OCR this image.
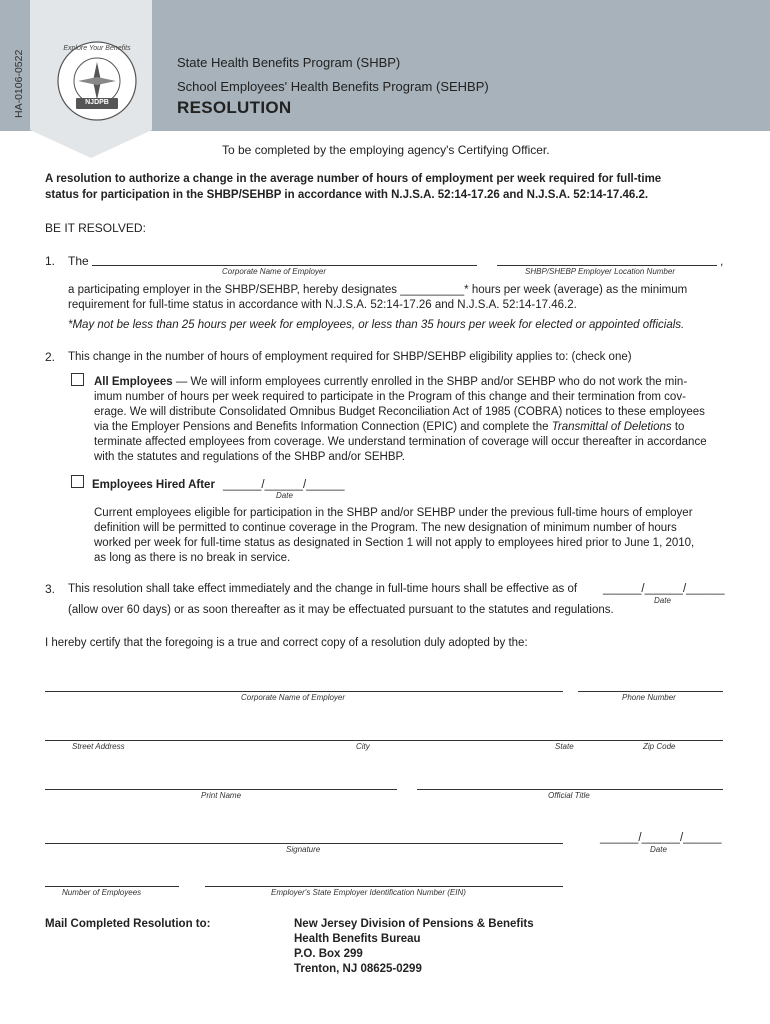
HA-0106-0522
Explore Your Benefits
NJDPB
State Health Benefits Program (SHBP)
School Employees' Health Benefits Program (SEHBP)
RESOLUTION
To be completed by the employing agency's Certifying Officer.
A resolution to authorize a change in the average number of hours of employment per week required for full-time
status for participation in the SHBP/SEHBP in accordance with N.J.S.A. 52:14-17.26 and N.J.S.A. 52:14-17.46.2.
BE IT RESOLVED:
1. The	,
Corporate Name of Employer	SHBP/SHEBP Employer Location Number
a participating employer in the SHBP/SEHBP, hereby designates __________* hours per week (average) as the minimum
requirement for full-time status in accordance with N.J.S.A. 52:14-17.26 and N.J.S.A. 52:14-17.46.2.
*May not be less than 25 hours per week for employees, or less than 35 hours per week for elected or appointed officials.
2. This change in the number of hours of employment required for SHBP/SEHBP eligibility applies to: (check one)
All Employees — We will inform employees currently enrolled in the SHBP and/or SEHBP who do not work the min-
imum number of hours per week required to participate in the Program of this change and their termination from cov-
erage. We will distribute Consolidated Omnibus Budget Reconciliation Act of 1985 (COBRA) notices to these employees
via the Employer Pensions and Benefits Information Connection (EPIC) and complete the Transmittal of Deletions to
terminate affected employees from coverage. We understand termination of coverage will occur thereafter in accordance
with the statutes and regulations of the SHBP and/or SEHBP.
Employees Hired After ______/______/______
Date
Current employees eligible for participation in the SHBP and/or SEHBP under the previous full-time hours of employer
definition will be permitted to continue coverage in the Program. The new designation of minimum number of hours
worked per week for full-time status as designated in Section 1 will not apply to employees hired prior to June 1, 2010,
as long as there is no break in service.
3. This resolution shall take effect immediately and the change in full-time hours shall be effective as of ______/______/______
Date
(allow over 60 days) or as soon thereafter as it may be effectuated pursuant to the statutes and regulations.
I hereby certify that the foregoing is a true and correct copy of a resolution duly adopted by the:
Corporate Name of Employer	Phone Number
Street Address	City	State	Zip Code
Print Name	Official Title
______/______/______
Signature	Date
Number of Employees	Employer's State Employer Identification Number (EIN)
Mail Completed Resolution to:	New Jersey Division of Pensions & Benefits
Health Benefits Bureau
P.O. Box 299
Trenton, NJ 08625-0299
